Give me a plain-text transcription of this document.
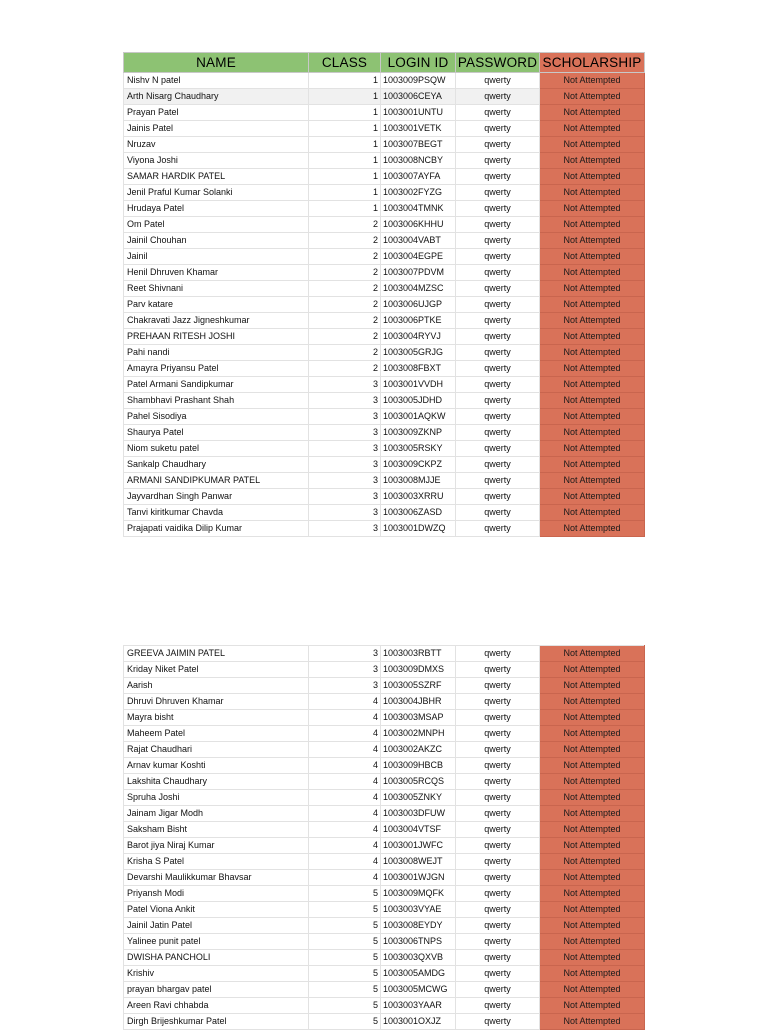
NAME	CLASS	LOGIN ID	PASSWORD	SCHOLARSHIP
Nishv N patel	1	1003009PSQW	qwerty	Not Attempted
Arth Nisarg Chaudhary	1	1003006CEYA	qwerty	Not Attempted
Prayan Patel	1	1003001UNTU	qwerty	Not Attempted
Jainis Patel	1	1003001VETK	qwerty	Not Attempted
Nruzav	1	1003007BEGT	qwerty	Not Attempted
Viyona Joshi	1	1003008NCBY	qwerty	Not Attempted
SAMAR HARDIK PATEL	1	1003007AYFA	qwerty	Not Attempted
Jenil Praful Kumar Solanki	1	1003002FYZG	qwerty	Not Attempted
Hrudaya Patel	1	1003004TMNK	qwerty	Not Attempted
Om Patel	2	1003006KHHU	qwerty	Not Attempted
Jainil Chouhan	2	1003004VABT	qwerty	Not Attempted
Jainil	2	1003004EGPE	qwerty	Not Attempted
Henil Dhruven Khamar	2	1003007PDVM	qwerty	Not Attempted
Reet Shivnani	2	1003004MZSC	qwerty	Not Attempted
Parv katare	2	1003006UJGP	qwerty	Not Attempted
Chakravati Jazz Jigneshkumar	2	1003006PTKE	qwerty	Not Attempted
PREHAAN RITESH JOSHI	2	1003004RYVJ	qwerty	Not Attempted
Pahi nandi	2	1003005GRJG	qwerty	Not Attempted
Amayra Priyansu Patel	2	1003008FBXT	qwerty	Not Attempted
Patel Armani Sandipkumar	3	1003001VVDH	qwerty	Not Attempted
Shambhavi Prashant Shah	3	1003005JDHD	qwerty	Not Attempted
Pahel Sisodiya	3	1003001AQKW	qwerty	Not Attempted
Shaurya Patel	3	1003009ZKNP	qwerty	Not Attempted
Niom suketu patel	3	1003005RSKY	qwerty	Not Attempted
Sankalp Chaudhary	3	1003009CKPZ	qwerty	Not Attempted
ARMANI SANDIPKUMAR PATEL	3	1003008MJJE	qwerty	Not Attempted
Jayvardhan Singh Panwar	3	1003003XRRU	qwerty	Not Attempted
Tanvi kiritkumar Chavda	3	1003006ZASD	qwerty	Not Attempted
Prajapati vaidika Dilip Kumar	3	1003001DWZQ	qwerty	Not Attempted
GREEVA JAIMIN PATEL	3	1003003RBTT	qwerty	Not Attempted
Kriday Niket Patel	3	1003009DMXS	qwerty	Not Attempted
Aarish	3	1003005SZRF	qwerty	Not Attempted
Dhruvi Dhruven Khamar	4	1003004JBHR	qwerty	Not Attempted
Mayra bisht	4	1003003MSAP	qwerty	Not Attempted
Maheem Patel	4	1003002MNPH	qwerty	Not Attempted
Rajat Chaudhari	4	1003002AKZC	qwerty	Not Attempted
Arnav kumar Koshti	4	1003009HBCB	qwerty	Not Attempted
Lakshita Chaudhary	4	1003005RCQS	qwerty	Not Attempted
Spruha Joshi	4	1003005ZNKY	qwerty	Not Attempted
Jainam Jigar Modh	4	1003003DFUW	qwerty	Not Attempted
Saksham Bisht	4	1003004VTSF	qwerty	Not Attempted
Barot jiya Niraj Kumar	4	1003001JWFC	qwerty	Not Attempted
Krisha S Patel	4	1003008WEJT	qwerty	Not Attempted
Devarshi Maulikkumar Bhavsar	4	1003001WJGN	qwerty	Not Attempted
Priyansh Modi	5	1003009MQFK	qwerty	Not Attempted
Patel Viona Ankit	5	1003003VYAE	qwerty	Not Attempted
Jainil Jatin Patel	5	1003008EYDY	qwerty	Not Attempted
Yalinee punit patel	5	1003006TNPS	qwerty	Not Attempted
DWISHA PANCHOLI	5	1003003QXVB	qwerty	Not Attempted
Krishiv	5	1003005AMDG	qwerty	Not Attempted
prayan bhargav patel	5	1003005MCWG	qwerty	Not Attempted
Areen Ravi chhabda	5	1003003YAAR	qwerty	Not Attempted
Dirgh Brijeshkumar Patel	5	1003001OXJZ	qwerty	Not Attempted
